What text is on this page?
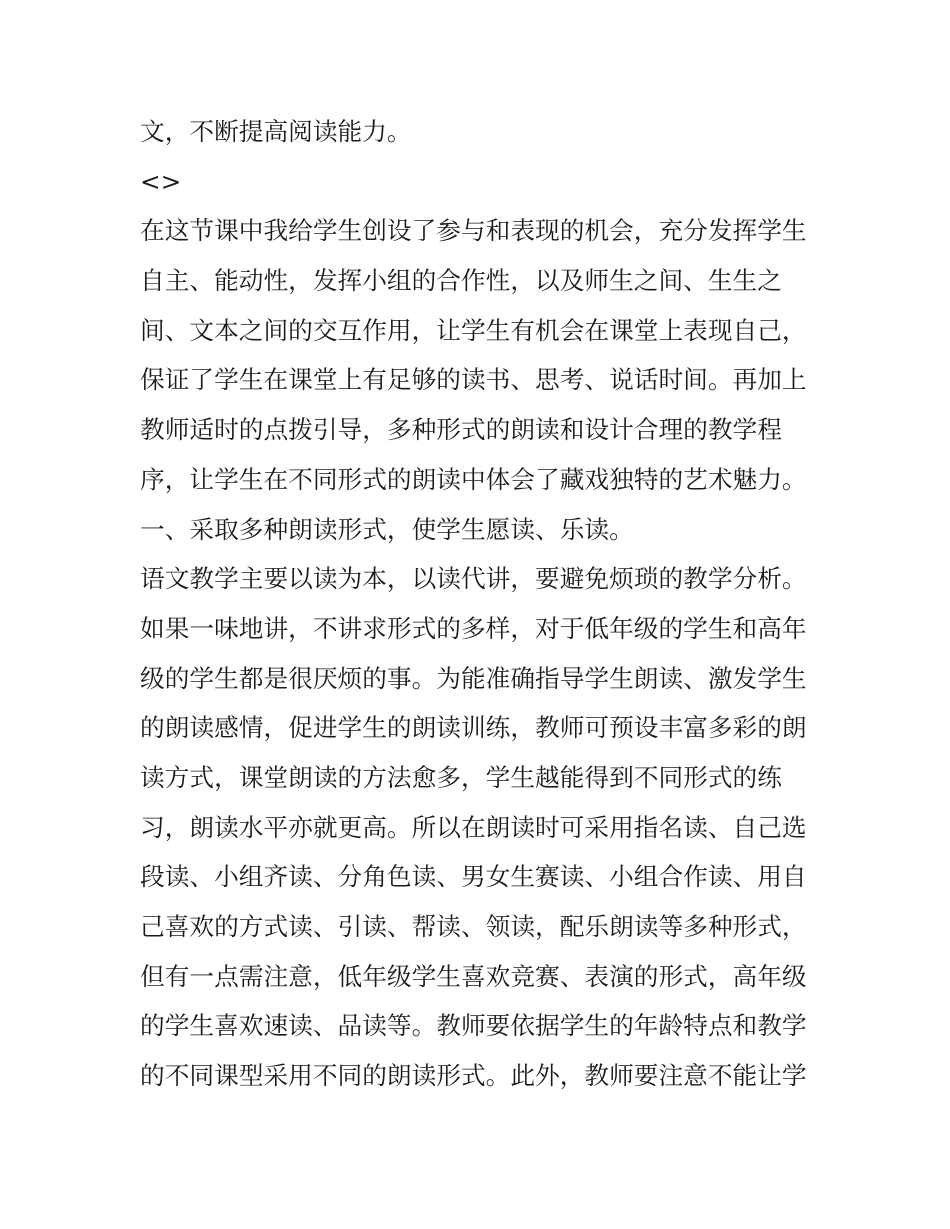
文，不断提高阅读能力。
<>
在这节课中我给学生创设了参与和表现的机会，充分发挥学生
自主、能动性，发挥小组的合作性，以及师生之间、生生之
间、文本之间的交互作用，让学生有机会在课堂上表现自己，
保证了学生在课堂上有足够的读书、思考、说话时间。再加上
教师适时的点拨引导，多种形式的朗读和设计合理的教学程
序，让学生在不同形式的朗读中体会了藏戏独特的艺术魅力。
一、采取多种朗读形式，使学生愿读、乐读。
语文教学主要以读为本，以读代讲，要避免烦琐的教学分析。
如果一味地讲，不讲求形式的多样，对于低年级的学生和高年
级的学生都是很厌烦的事。为能准确指导学生朗读、激发学生
的朗读感情，促进学生的朗读训练，教师可预设丰富多彩的朗
读方式，课堂朗读的方法愈多，学生越能得到不同形式的练
习，朗读水平亦就更高。所以在朗读时可采用指名读、自己选
段读、小组齐读、分角色读、男女生赛读、小组合作读、用自
己喜欢的方式读、引读、帮读、领读，配乐朗读等多种形式，
但有一点需注意，低年级学生喜欢竞赛、表演的形式，高年级
的学生喜欢速读、品读等。教师要依据学生的年龄特点和教学
的不同课型采用不同的朗读形式。此外，教师要注意不能让学
